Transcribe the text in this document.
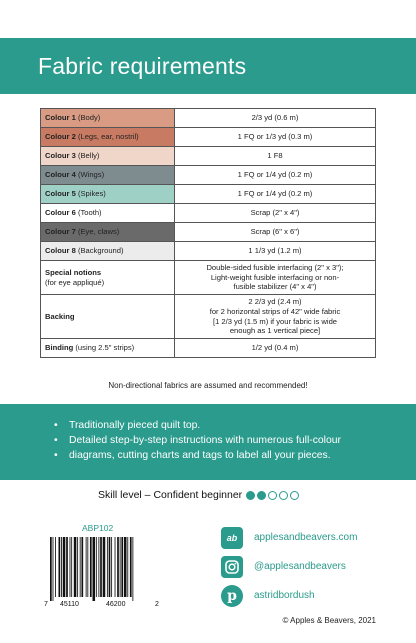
Fabric requirements
Colour 1 (Body)	2/3 yd (0.6 m)
Colour 2 (Legs, ear, nostril)	1 FQ or 1/3 yd (0.3 m)
Colour 3 (Belly)	1 F8
Colour 4 (Wings)	1 FQ or 1/4 yd (0.2 m)
Colour 5 (Spikes)	1 FQ or 1/4 yd (0.2 m)
Colour 6 (Tooth)	Scrap (2" x 4")
Colour 7 (Eye, claws)	Scrap (6" x 6")
Colour 8 (Background)	1 1/3 yd (1.2 m)
Special notions
(for eye appliqué)	Double-sided fusible interfacing (2" x 3");
Light-weight fusible interfacing or non-
fusible stabilizer (4" x 4")
Backing	2 2/3 yd (2.4 m)
for 2 horizontal strips of 42" wide fabric
[1 2/3 yd (1.5 m) if your fabric is wide
enough as 1 vertical piece]
Binding (using 2.5" strips)	1/2 yd (0.4 m)
Non-directional fabrics are assumed and recommended!
• Traditionally pieced quilt top.
• Detailed step-by-step instructions with numerous full-colour
• diagrams, cutting charts and tags to label all your pieces.
Skill level – Confident beginner
ABP102
7 45110	46200	2
ab	applesandbeavers.com
@applesandbeavers
p	astridbordush
© Apples & Beavers, 2021
